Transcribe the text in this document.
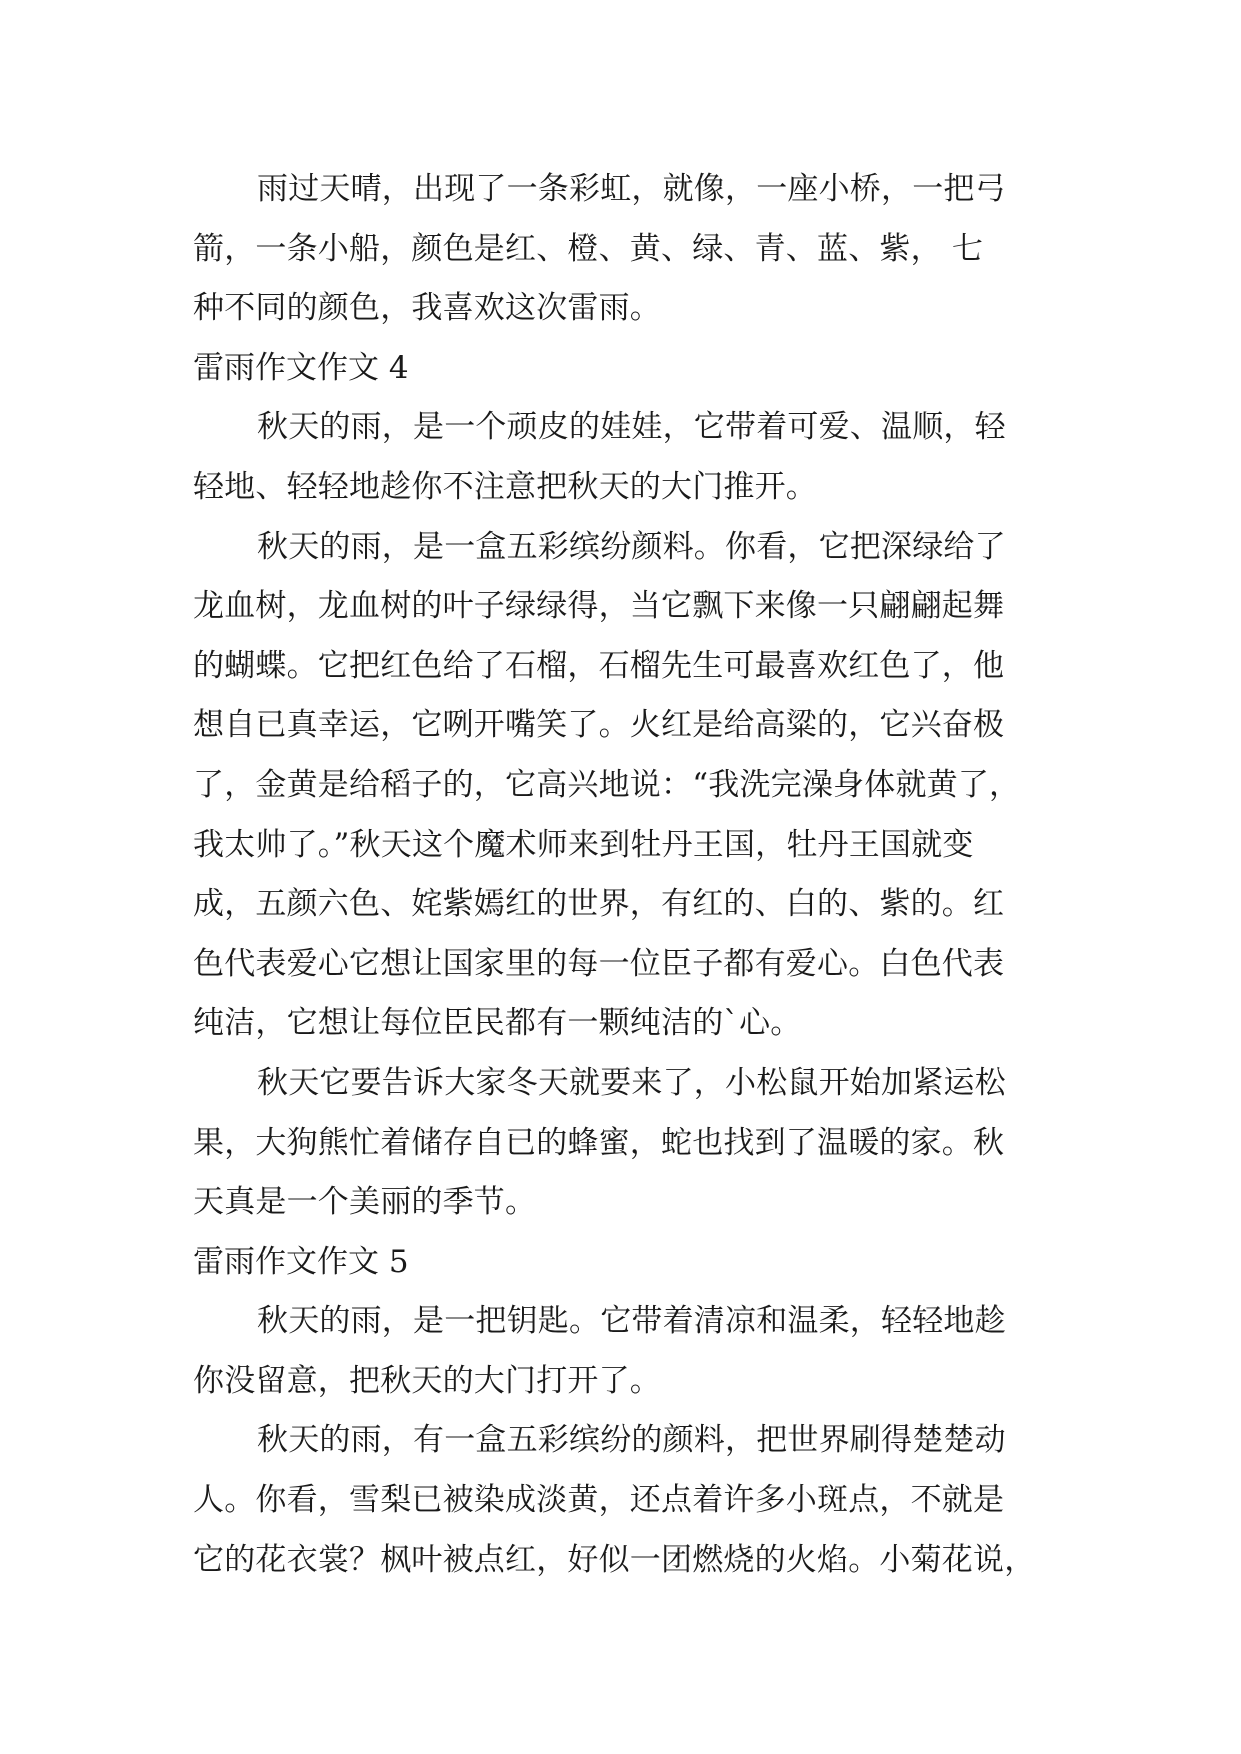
雨过天晴，出现了一条彩虹，就像，一座小桥，一把弓
箭，一条小船，颜色是红、橙、黄、绿、青、蓝、紫， 七
种不同的颜色，我喜欢这次雷雨。
雷雨作文作文 4
秋天的雨，是一个顽皮的娃娃，它带着可爱、温顺，轻
轻地、轻轻地趁你不注意把秋天的大门推开。
秋天的雨，是一盒五彩缤纷颜料。你看，它把深绿给了
龙血树，龙血树的叶子绿绿得，当它飘下来像一只翩翩起舞
的蝴蝶。它把红色给了石榴，石榴先生可最喜欢红色了，他
想自已真幸运，它咧开嘴笑了。火红是给高粱的，它兴奋极
了，金黄是给稻子的，它高兴地说：“我洗完澡身体就黄了，
我太帅了。”秋天这个魔术师来到牡丹王国，牡丹王国就变
成，五颜六色、姹紫嫣红的世界，有红的、白的、紫的。红
色代表爱心它想让国家里的每一位臣子都有爱心。白色代表
纯洁，它想让每位臣民都有一颗纯洁的`心。
秋天它要告诉大家冬天就要来了，小松鼠开始加紧运松
果，大狗熊忙着储存自已的蜂蜜，蛇也找到了温暖的家。秋
天真是一个美丽的季节。
雷雨作文作文 5
秋天的雨，是一把钥匙。它带着清凉和温柔，轻轻地趁
你没留意，把秋天的大门打开了。
秋天的雨，有一盒五彩缤纷的颜料，把世界刷得楚楚动
人。你看，雪梨已被染成淡黄，还点着许多小斑点，不就是
它的花衣裳？枫叶被点红，好似一团燃烧的火焰。小菊花说，
